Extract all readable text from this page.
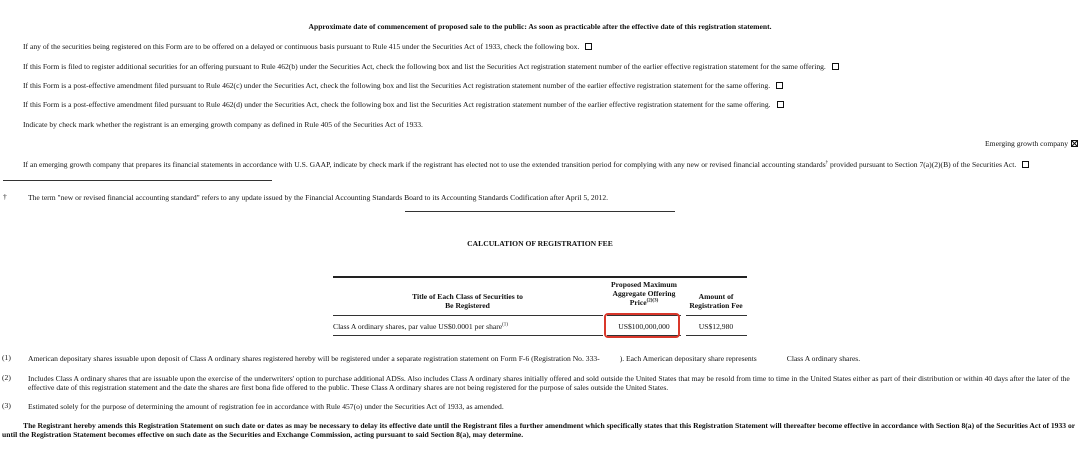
Approximate date of commencement of proposed sale to the public: As soon as practicable after the effective date of this registration statement.
If any of the securities being registered on this Form are to be offered on a delayed or continuous basis pursuant to Rule 415 under the Securities Act of 1933, check the following box.
If this Form is filed to register additional securities for an offering pursuant to Rule 462(b) under the Securities Act, check the following box and list the Securities Act registration statement number of the earlier effective registration statement for the same offering.
If this Form is a post-effective amendment filed pursuant to Rule 462(c) under the Securities Act, check the following box and list the Securities Act registration statement number of the earlier effective registration statement for the same offering.
If this Form is a post-effective amendment filed pursuant to Rule 462(d) under the Securities Act, check the following box and list the Securities Act registration statement number of the earlier effective registration statement for the same offering.
Indicate by check mark whether the registrant is an emerging growth company as defined in Rule 405 of the Securities Act of 1933.
Emerging growth company
If an emerging growth company that prepares its financial statements in accordance with U.S. GAAP, indicate by check mark if the registrant has elected not to use the extended transition period for complying with any new or revised financial accounting standards† provided pursuant to Section 7(a)(2)(B) of the Securities Act.
†	The term "new or revised financial accounting standard" refers to any update issued by the Financial Accounting Standards Board to its Accounting Standards Codification after April 5, 2012.
CALCULATION OF REGISTRATION FEE
Title of Each Class of Securities to Be Registered
Proposed Maximum Aggregate Offering Price$^{(2)(3)}$	Amount of Registration Fee
Class A ordinary shares, par value US$0.0001 per share$^{(1)}$	US$100,000,000	US$12,980
(1) American depositary shares issuable upon deposit of Class A ordinary shares registered hereby will be registered under a separate registration statement on Form F-6 (Registration No. 333-	). Each American depositary share represents	Class A ordinary shares.
(2) Includes Class A ordinary shares that are issuable upon the exercise of the underwriters' option to purchase additional ADSs. Also includes Class A ordinary shares initially offered and sold outside the United States that may be resold from time to time in the United States either as part of their distribution or within 40 days after the later of the effective date of this registration statement and the date the shares are first bona fide offered to the public. These Class A ordinary shares are not being registered for the purpose of sales outside the United States.
(3) Estimated solely for the purpose of determining the amount of registration fee in accordance with Rule 457(o) under the Securities Act of 1933, as amended.
The Registrant hereby amends this Registration Statement on such date or dates as may be necessary to delay its effective date until the Registrant files a further amendment which specifically states that this Registration Statement will thereafter become effective in accordance with Section 8(a) of the Securities Act of 1933 or until the Registration Statement becomes effective on such date as the Securities and Exchange Commission, acting pursuant to said Section 8(a), may determine.
